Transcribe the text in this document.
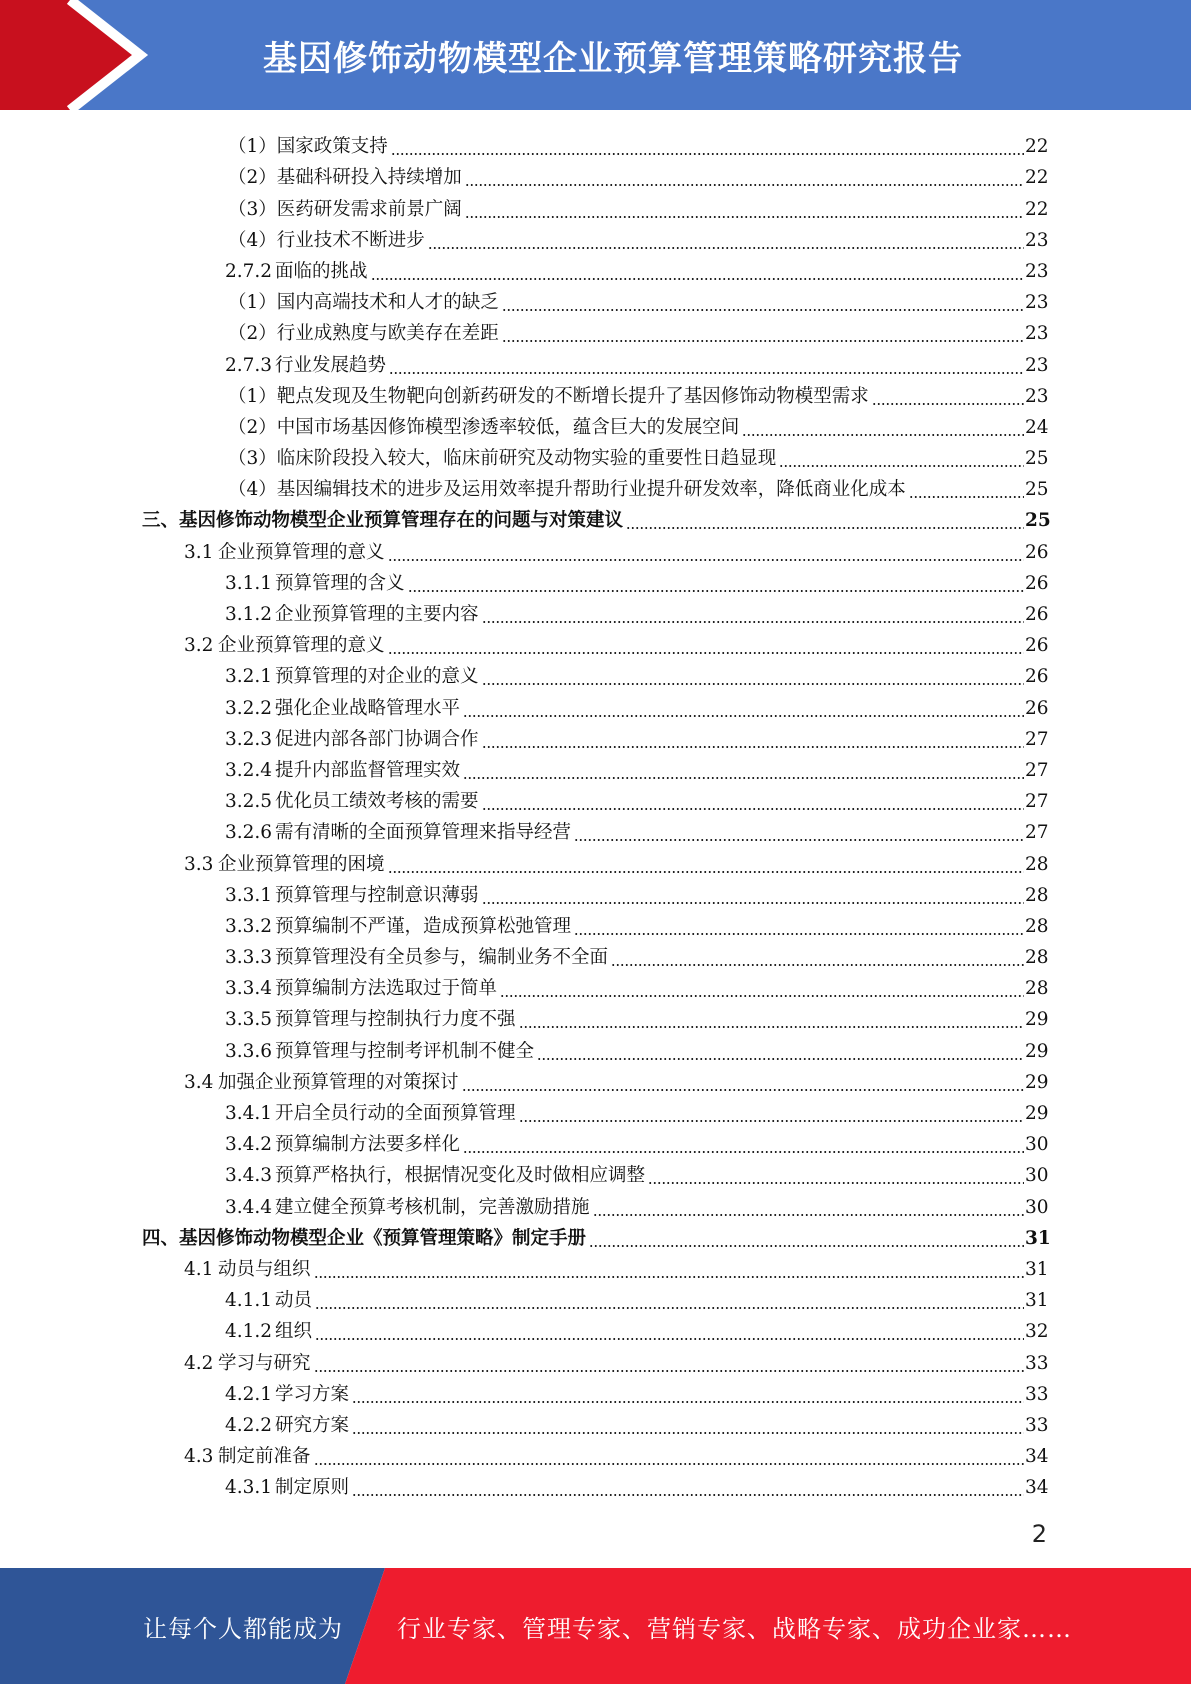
基因修饰动物模型企业预算管理策略研究报告
（1）国家政策支持	22
（2）基础科研投入持续增加	22
（3）医药研发需求前景广阔	22
（4）行业技术不断进步	23
2.7.2 面临的挑战	23
（1）国内高端技术和人才的缺乏	23
（2）行业成熟度与欧美存在差距	23
2.7.3 行业发展趋势	23
（1）靶点发现及生物靶向创新药研发的不断增长提升了基因修饰动物模型需求	23
（2）中国市场基因修饰模型渗透率较低，蕴含巨大的发展空间	24
（3）临床阶段投入较大，临床前研究及动物实验的重要性日趋显现	25
（4）基因编辑技术的进步及运用效率提升帮助行业提升研发效率，降低商业化成本	25
三、基因修饰动物模型企业预算管理存在的问题与对策建议	25
3.1 企业预算管理的意义	26
3.1.1 预算管理的含义	26
3.1.2 企业预算管理的主要内容	26
3.2 企业预算管理的意义	26
3.2.1 预算管理的对企业的意义	26
3.2.2 强化企业战略管理水平	26
3.2.3 促进内部各部门协调合作	27
3.2.4 提升内部监督管理实效	27
3.2.5 优化员工绩效考核的需要	27
3.2.6 需有清晰的全面预算管理来指导经营	27
3.3 企业预算管理的困境	28
3.3.1 预算管理与控制意识薄弱	28
3.3.2 预算编制不严谨，造成预算松弛管理	28
3.3.3 预算管理没有全员参与，编制业务不全面	28
3.3.4 预算编制方法选取过于简单	28
3.3.5 预算管理与控制执行力度不强	29
3.3.6 预算管理与控制考评机制不健全	29
3.4 加强企业预算管理的对策探讨	29
3.4.1 开启全员行动的全面预算管理	29
3.4.2 预算编制方法要多样化	30
3.4.3 预算严格执行，根据情况变化及时做相应调整	30
3.4.4 建立健全预算考核机制，完善激励措施	30
四、基因修饰动物模型企业《预算管理策略》制定手册	31
4.1 动员与组织	31
4.1.1 动员	31
4.1.2 组织	32
4.2 学习与研究	33
4.2.1 学习方案	33
4.2.2 研究方案	33
4.3 制定前准备	34
4.3.1 制定原则	34
2
让每个人都能成为 行业专家、管理专家、营销专家、战略专家、成功企业家……
